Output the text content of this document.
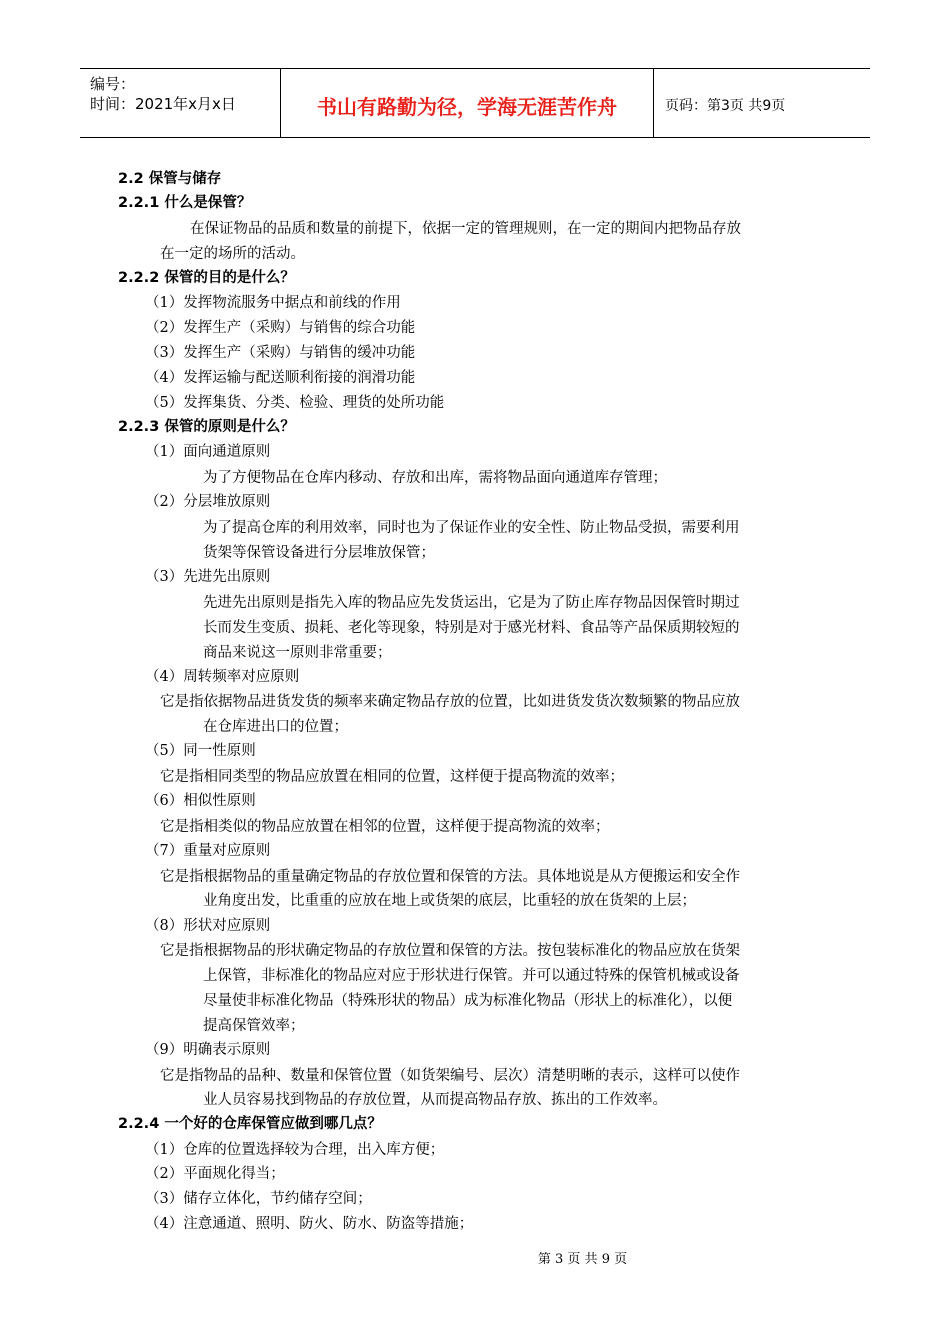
编号：
时间：2021年x月x日	书山有路勤为径，学海无涯苦作舟	页码：第3页 共9页
2.2 保管与储存
2.2.1 什么是保管？
在保证物品的品质和数量的前提下，依据一定的管理规则，在一定的期间内把物品存放
在一定的场所的活动。
2.2.2 保管的目的是什么？
（1）发挥物流服务中据点和前线的作用
（2）发挥生产（采购）与销售的综合功能
（3）发挥生产（采购）与销售的缓冲功能
（4）发挥运输与配送顺利衔接的润滑功能
（5）发挥集货、分类、检验、理货的处所功能
2.2.3 保管的原则是什么？
（1）面向通道原则
为了方便物品在仓库内移动、存放和出库，需将物品面向通道库存管理；
（2）分层堆放原则
为了提高仓库的利用效率，同时也为了保证作业的安全性、防止物品受损，需要利用
货架等保管设备进行分层堆放保管；
（3）先进先出原则
先进先出原则是指先入库的物品应先发货运出，它是为了防止库存物品因保管时期过
长而发生变质、损耗、老化等现象，特别是对于感光材料、食品等产品保质期较短的
商品来说这一原则非常重要；
（4）周转频率对应原则
它是指依据物品进货发货的频率来确定物品存放的位置，比如进货发货次数频繁的物品应放
在仓库进出口的位置；
（5）同一性原则
它是指相同类型的物品应放置在相同的位置，这样便于提高物流的效率；
（6）相似性原则
它是指相类似的物品应放置在相邻的位置，这样便于提高物流的效率；
（7）重量对应原则
它是指根据物品的重量确定物品的存放位置和保管的方法。具体地说是从方便搬运和安全作
业角度出发，比重重的应放在地上或货架的底层，比重轻的放在货架的上层；
（8）形状对应原则
它是指根据物品的形状确定物品的存放位置和保管的方法。按包装标准化的物品应放在货架
上保管，非标准化的物品应对应于形状进行保管。并可以通过特殊的保管机械或设备
尽量使非标准化物品（特殊形状的物品）成为标准化物品（形状上的标准化），以便
提高保管效率；
（9）明确表示原则
它是指物品的品种、数量和保管位置（如货架编号、层次）清楚明晰的表示，这样可以使作
业人员容易找到物品的存放位置，从而提高物品存放、拣出的工作效率。
2.2.4 一个好的仓库保管应做到哪几点？
（1）仓库的位置选择较为合理，出入库方便；
（2）平面规化得当；
（3）储存立体化，节约储存空间；
（4）注意通道、照明、防火、防水、防盗等措施；
第 3 页 共 9 页
